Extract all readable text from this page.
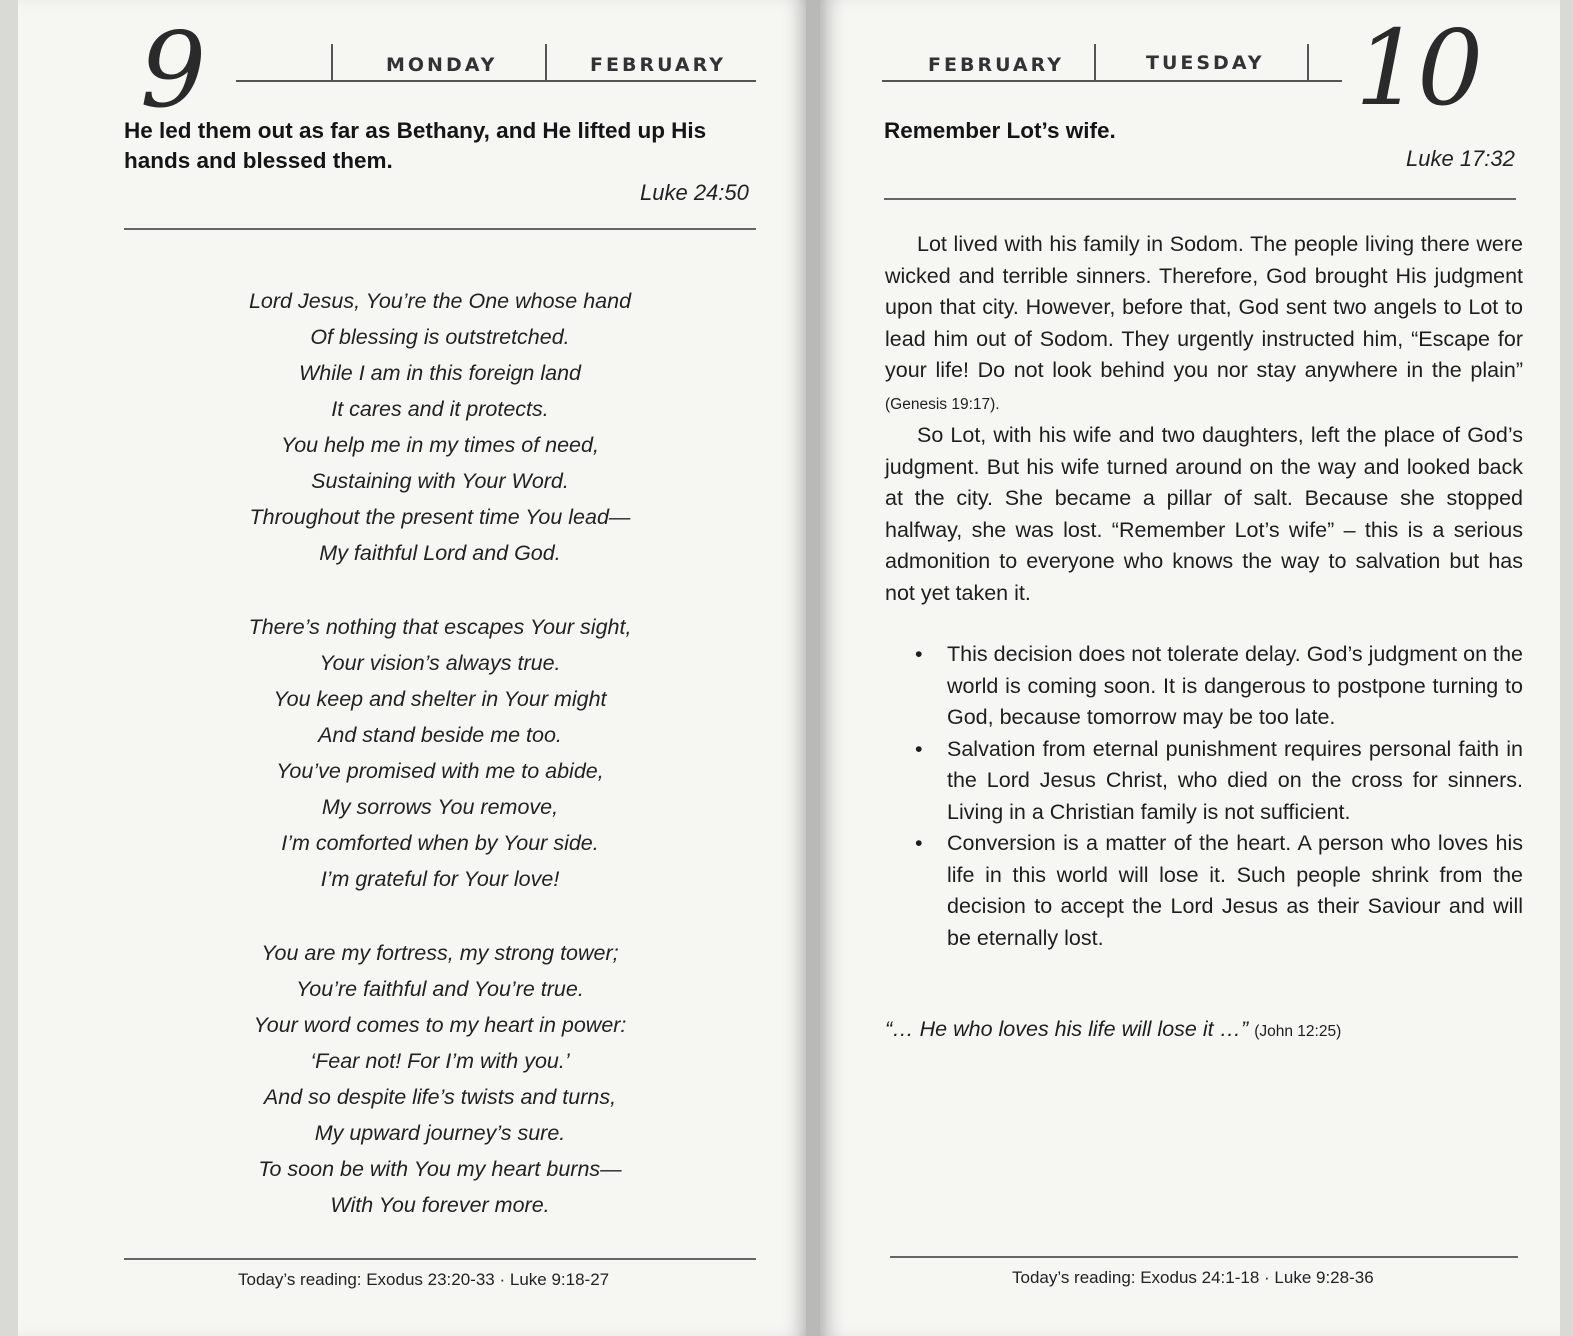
9	MONDAY	FEBRUARY
He led them out as far as Bethany, and He lifted up His
hands and blessed them.
Luke 24:50
Lord Jesus, You’re the One whose hand
Of blessing is outstretched.
While I am in this foreign land
It cares and it protects.
You help me in my times of need,
Sustaining with Your Word.
Throughout the present time You lead—
My faithful Lord and God.
There’s nothing that escapes Your sight,
Your vision’s always true.
You keep and shelter in Your might
And stand beside me too.
You’ve promised with me to abide,
My sorrows You remove,
I’m comforted when by Your side.
I’m grateful for Your love!
You are my fortress, my strong tower;
You’re faithful and You’re true.
Your word comes to my heart in power:
‘Fear not! For I’m with you.’
And so despite life’s twists and turns,
My upward journey’s sure.
To soon be with You my heart burns—
With You forever more.
Today’s reading: Exodus 23:20-33 · Luke 9:18-27
FEBRUARY	TUESDAY 10
Remember Lot’s wife.
Luke 17:32

Lot lived with his family in Sodom. The people living there were wicked and terrible sinners. Therefore, God brought His judgment upon that city. However, before that, God sent two angels to Lot to lead him out of Sodom. They urgently instructed him, “Escape for your life! Do not look behind you nor stay anywhere in the plain” (Genesis 19:17).

So Lot, with his wife and two daughters, left the place of God’s judgment. But his wife turned around on the way and looked back at the city. She became a pillar of salt. Because she stopped halfway, she was lost. “Remember Lot’s wife” – this is a serious admonition to everyone who knows the way to salvation but has not yet taken it.

• This decision does not tolerate delay. God’s judgment on the world is coming soon. It is dangerous to postpone turning to God, because tomorrow may be too late.
• Salvation from eternal punishment requires personal faith in the Lord Jesus Christ, who died on the cross for sinners. Living in a Christian family is not sufficient.
• Conversion is a matter of the heart. A person who loves his life in this world will lose it. Such people shrink from the decision to accept the Lord Jesus as their Saviour and will be eternally lost.

“… He who loves his life will lose it …” (John 12:25)

Today’s reading: Exodus 24:1-18 · Luke 9:28-36
